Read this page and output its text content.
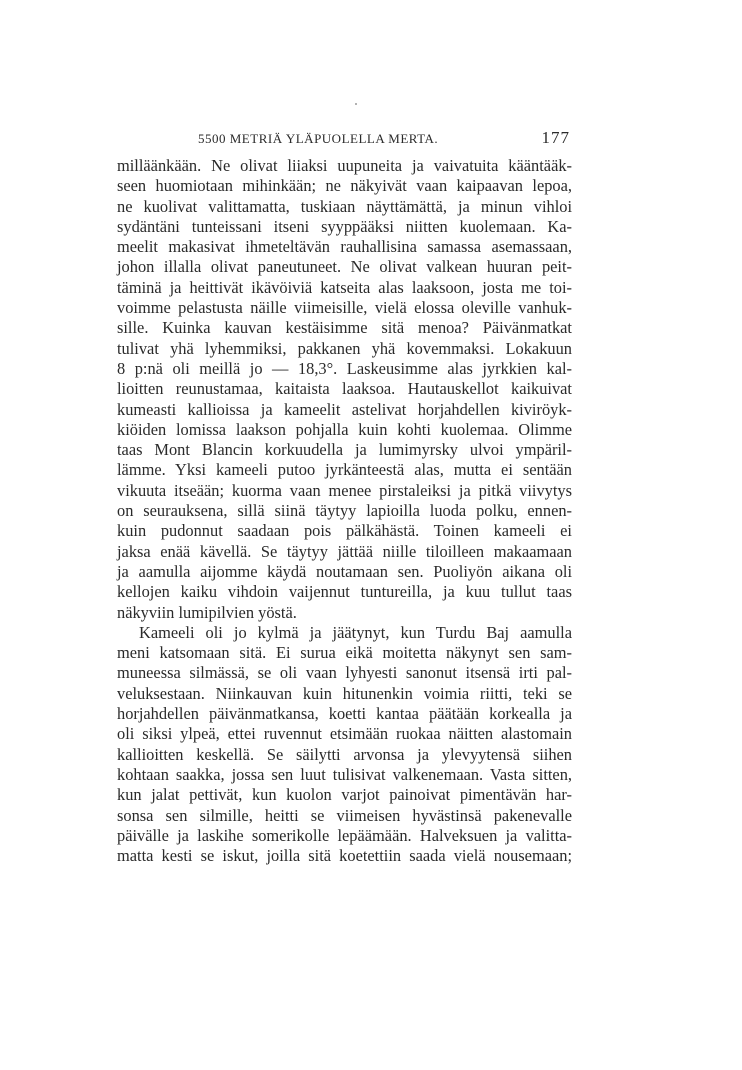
5500 METRIÄ YLÄPUOLELLA MERTA.	177
milläänkään. Ne olivat liiaksi uupuneita ja vaivatuita kääntääk-
seen huomiotaan mihinkään; ne näkyivät vaan kaipaavan lepoa,
ne kuolivat valittamatta, tuskiaan näyttämättä, ja minun vihloi
sydäntäni tunteissani itseni syyppääksi niitten kuolemaan. Ka-
meelit makasivat ihmeteltävän rauhallisina samassa asemassaan,
johon illalla olivat paneutuneet. Ne olivat valkean huuran peit-
täminä ja heittivät ikävöiviä katseita alas laaksoon, josta me toi-
voimme pelastusta näille viimeisille, vielä elossa oleville vanhuk-
sille. Kuinka kauvan kestäisimme sitä menoa? Päivänmatkat
tulivat yhä lyhemmiksi, pakkanen yhä kovemmaksi. Lokakuun
8 p:nä oli meillä jo — 18,3°. Laskeusimme alas jyrkkien kal-
lioitten reunustamaa, kaitaista laaksoa. Hautauskellot kaikuivat
kumeasti kallioissa ja kameelit astelivat horjahdellen kiviröyk-
kiöiden lomissa laakson pohjalla kuin kohti kuolemaa. Olimme
taas Mont Blancin korkuudella ja lumimyrsky ulvoi ympäril-
lämme. Yksi kameeli putoo jyrkänteestä alas, mutta ei sentään
vikuuta itseään; kuorma vaan menee pirstaleiksi ja pitkä viivytys
on seurauksena, sillä siinä täytyy lapioilla luoda polku, ennen-
kuin pudonnut saadaan pois pälkähästä. Toinen kameeli ei
jaksa enää kävellä. Se täytyy jättää niille tiloilleen makaamaan
ja aamulla aijomme käydä noutamaan sen. Puoliyön aikana oli
kellojen kaiku vihdoin vaijennut tuntureilla, ja kuu tullut taas
näkyviin lumipilvien yöstä.
Kameeli oli jo kylmä ja jäätynyt, kun Turdu Baj aamulla
meni katsomaan sitä. Ei surua eikä moitetta näkynyt sen sam-
muneessa silmässä, se oli vaan lyhyesti sanonut itsensä irti pal-
veluksestaan. Niinkauvan kuin hitunenkin voimia riitti, teki se
horjahdellen päivänmatkansa, koetti kantaa päätään korkealla ja
oli siksi ylpeä, ettei ruvennut etsimään ruokaa näitten alastomain
kallioitten keskellä. Se säilytti arvonsa ja ylevyytensä siihen
kohtaan saakka, jossa sen luut tulisivat valkenemaan. Vasta sitten,
kun jalat pettivät, kun kuolon varjot painoivat pimentävän har-
sonsa sen silmille, heitti se viimeisen hyvästinsä pakenevalle
päivälle ja laskihe somerikolle lepäämään. Halveksuen ja valitta-
matta kesti se iskut, joilla sitä koetettiin saada vielä nousemaan;
